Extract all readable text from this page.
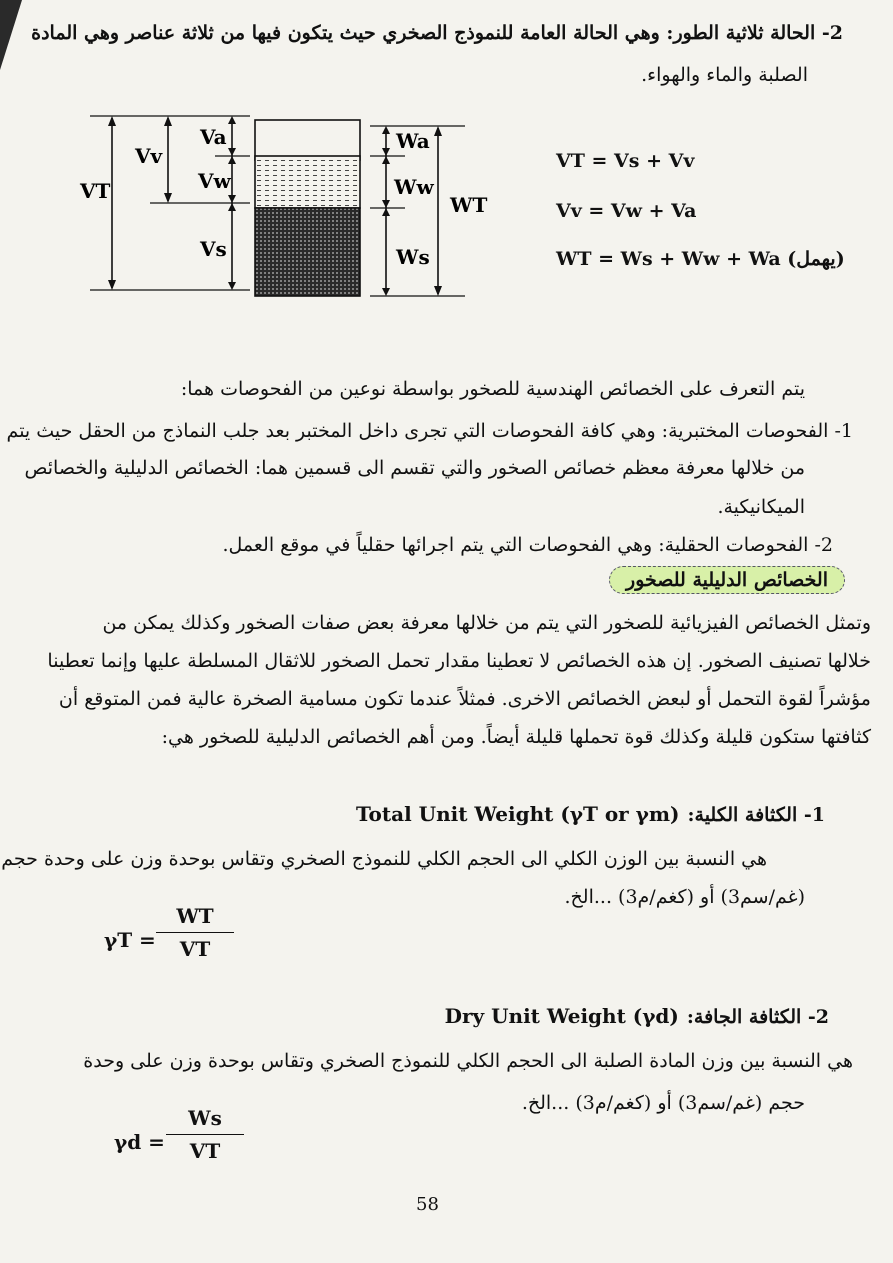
2- الحالة ثلاثية الطور: وهي الحالة العامة للنموذج الصخري حيث يتكون فيها من ثلاثة عناصر وهي المادة
الصلبة والماء والهواء.
VT
Vv
Va
Vw
Vs
Wa
Ww
Ws
WT
VT = Vs + Vv
Vv = Vw + Va
WT = Ws + Ww + Wa (يهمل)
يتم التعرف على الخصائص الهندسية للصخور بواسطة نوعين من الفحوصات هما:
1- الفحوصات المختبرية: وهي كافة الفحوصات التي تجرى داخل المختبر بعد جلب النماذج من الحقل حيث يتم
من خلالها معرفة معظم خصائص الصخور والتي تقسم الى قسمين هما: الخصائص الدليلية والخصائص
الميكانيكية.
2- الفحوصات الحقلية: وهي الفحوصات التي يتم اجرائها حقلياً في موقع العمل.
الخصائص الدليلية للصخور
وتمثل الخصائص الفيزيائية للصخور التي يتم من خلالها معرفة بعض صفات الصخور وكذلك يمكن من
خلالها تصنيف الصخور. إن هذه الخصائص لا تعطينا مقدار تحمل الصخور للاثقال المسلطة عليها وإنما تعطينا
مؤشراً لقوة التحمل أو لبعض الخصائص الاخرى. فمثلاً عندما تكون مسامية الصخرة عالية فمن المتوقع أن
كثافتها ستكون قليلة وكذلك قوة تحملها قليلة أيضاً. ومن أهم الخصائص الدليلية للصخور هي:
1- الكثافة الكلية:
Total Unit Weight (γT or γm)
هي النسبة بين الوزن الكلي الى الحجم الكلي للنموذج الصخري وتقاس بوحدة وزن على وحدة حجم
(غم/سم3) أو (كغم/م3) ...الخ.
γT =
WT
VT
2- الكثافة الجافة:
Dry Unit Weight (γd)
هي النسبة بين وزن المادة الصلبة الى الحجم الكلي للنموذج الصخري وتقاس بوحدة وزن على وحدة
حجم (غم/سم3) أو (كغم/م3) ...الخ.
γd =
Ws
VT
58
